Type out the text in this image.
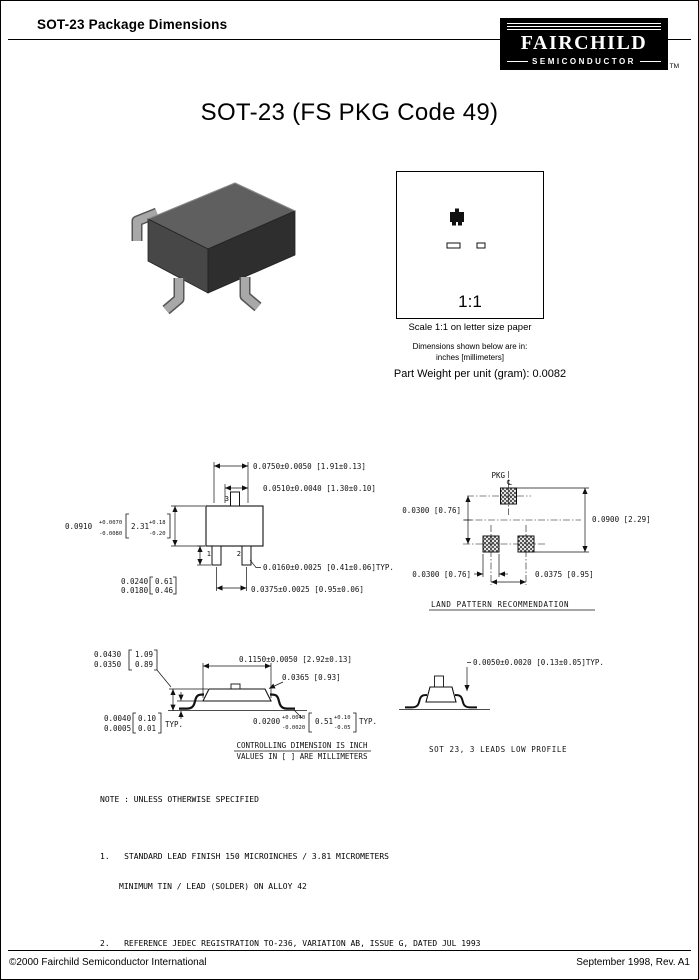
SOT-23 Package Dimensions
FAIRCHILD
SEMICONDUCTOR
TM
SOT-23 (FS PKG Code 49)
1:1
Scale 1:1 on letter size paper
Dimensions shown below are in:
inches [millimeters]
Part Weight per unit (gram): 0.0082
0.0750±0.0050 [1.91±0.13]
0.0510±0.0040 [1.30±0.10]
3
1	2
0.0910 +0.0070
-0.0080
2.31 +0.18
-0.20
0.0160±0.0025 [0.41±0.06]TYP.
0.0240
0.0180
0.61
0.46	0.0375±0.0025 [0.95±0.06]
PKG
℄
0.0300 [0.76]
0.0900 [2.29]
0.0300 [0.76]	0.0375 [0.95]
LAND PATTERN RECOMMENDATION
0.0430
0.0350
1.09
0.89
0.1150±0.0050 [2.92±0.13]
0.0365 [0.93]
0.0040
0.0005
0.10
0.01 TYP.	0.0200 +0.0040
-0.0020
0.51 +0.10
-0.05
TYP.
CONTROLLING DIMENSION IS INCH
VALUES IN [ ] ARE MILLIMETERS
0.0050±0.0020 [0.13±0.05]TYP.
SOT 23, 3 LEADS LOW PROFILE

NOTE : UNLESS OTHERWISE SPECIFIED

1.   STANDARD LEAD FINISH 150 MICROINCHES / 3.81 MICROMETERS

MINIMUM TIN / LEAD (SOLDER) ON ALLOY 42

2.   REFERENCE JEDEC REGISTRATION TO-236, VARIATION AB, ISSUE G, DATED JUL 1993

©2000 Fairchild Semiconductor International	September 1998, Rev. A1
